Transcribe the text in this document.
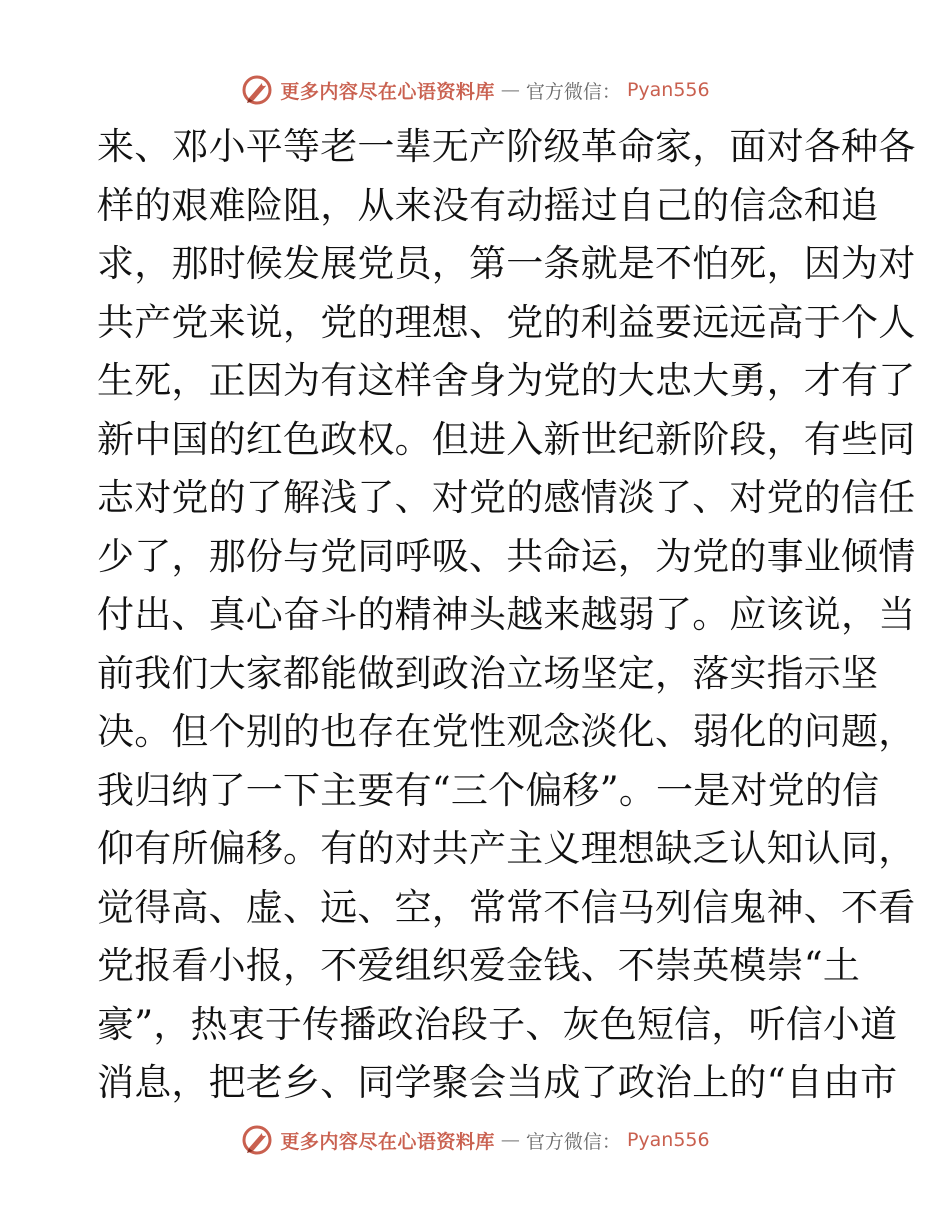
更多内容尽在心语资料库 — 官方微信： Pyan556
来、邓小平等老一辈无产阶级革命家，面对各种各
样的艰难险阻，从来没有动摇过自己的信念和追
求，那时候发展党员，第一条就是不怕死，因为对
共产党来说，党的理想、党的利益要远远高于个人
生死，正因为有这样舍身为党的大忠大勇，才有了
新中国的红色政权。但进入新世纪新阶段，有些同
志对党的了解浅了、对党的感情淡了、对党的信任
少了，那份与党同呼吸、共命运，为党的事业倾情
付出、真心奋斗的精神头越来越弱了。应该说，当
前我们大家都能做到政治立场坚定，落实指示坚
决。但个别的也存在党性观念淡化、弱化的问题，
我归纳了一下主要有“三个偏移”。一是对党的信
仰有所偏移。有的对共产主义理想缺乏认知认同，
觉得高、虚、远、空，常常不信马列信鬼神、不看
党报看小报，不爱组织爱金钱、不崇英模崇“土
豪”，热衷于传播政治段子、灰色短信，听信小道
消息，把老乡、同学聚会当成了政治上的“自由市
更多内容尽在心语资料库 — 官方微信： Pyan556
